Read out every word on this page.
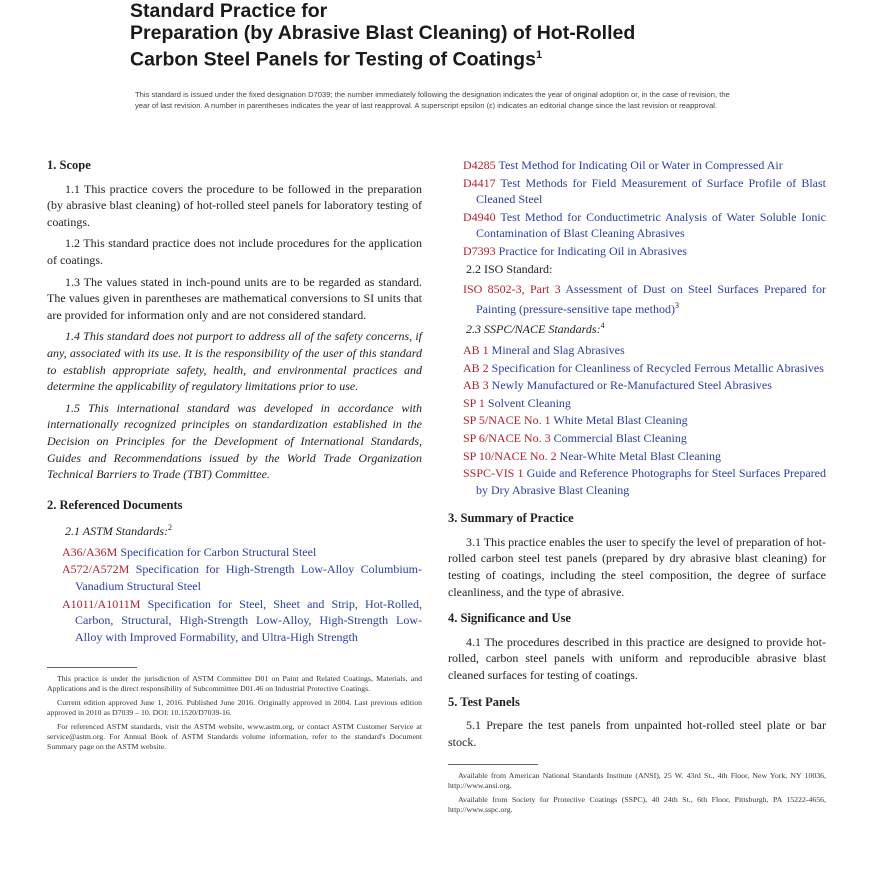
Standard Practice for
Preparation (by Abrasive Blast Cleaning) of Hot-Rolled
Carbon Steel Panels for Testing of Coatings$^1$
This standard is issued under the fixed designation D7039; the number immediately following the designation indicates the year of original adoption or, in the case of revision, the year of last revision. A number in parentheses indicates the year of last reapproval. A superscript epsilon (ε) indicates an editorial change since the last revision or reapproval.
1. Scope

1.1 This practice covers the procedure to be followed in the preparation (by abrasive blast cleaning) of hot-rolled steel panels for laboratory testing of coatings.

1.2 This standard practice does not include procedures for the application of coatings.

1.3 The values stated in inch-pound units are to be regarded as standard. The values given in parentheses are mathematical conversions to SI units that are provided for information only and are not considered standard.

1.4 This standard does not purport to address all of the safety concerns, if any, associated with its use. It is the responsibility of the user of this standard to establish appropriate safety, health, and environmental practices and determine the applicability of regulatory limitations prior to use.

1.5 This international standard was developed in accordance with internationally recognized principles on standardization established in the Decision on Principles for the Development of International Standards, Guides and Recommendations issued by the World Trade Organization Technical Barriers to Trade (TBT) Committee.

2. Referenced Documents
2.1 ASTM Standards:$^2$
A36/A36M Specification for Carbon Structural Steel
A572/A572M Specification for High-Strength Low-Alloy Columbium-Vanadium Structural Steel
A1011/A1011M Specification for Steel, Sheet and Strip, Hot-Rolled, Carbon, Structural, High-Strength Low-Alloy, High-Strength Low-Alloy with Improved Formability, and Ultra-High Strength
This practice is under the jurisdiction of ASTM Committee D01 on Paint and Related Coatings, Materials, and Applications and is the direct responsibility of Subcommittee D01.46 on Industrial Protective Coatings.
Current edition approved June 1, 2016. Published June 2016. Originally approved in 2004. Last previous edition approved in 2010 as D7039 – 10. DOI: 10.1520/D7039-16.
For referenced ASTM standards, visit the ASTM website, www.astm.org, or contact ASTM Customer Service at service@astm.org. For Annual Book of ASTM Standards volume information, refer to the standard's Document Summary page on the ASTM website.
D4285 Test Method for Indicating Oil or Water in Compressed Air
D4417 Test Methods for Field Measurement of Surface Profile of Blast Cleaned Steel
D4940 Test Method for Conductimetric Analysis of Water Soluble Ionic Contamination of Blast Cleaning Abrasives
D7393 Practice for Indicating Oil in Abrasives
2.2 ISO Standard:
ISO 8502-3, Part 3 Assessment of Dust on Steel Surfaces Prepared for Painting (pressure-sensitive tape method)$^3$
2.3 SSPC/NACE Standards:$^4$
AB 1 Mineral and Slag Abrasives
AB 2 Specification for Cleanliness of Recycled Ferrous Metallic Abrasives
AB 3 Newly Manufactured or Re-Manufactured Steel Abrasives
SP 1 Solvent Cleaning
SP 5/NACE No. 1 White Metal Blast Cleaning
SP 6/NACE No. 3 Commercial Blast Cleaning
SP 10/NACE No. 2 Near-White Metal Blast Cleaning
SSPC-VIS 1 Guide and Reference Photographs for Steel Surfaces Prepared by Dry Abrasive Blast Cleaning
3. Summary of Practice

3.1 This practice enables the user to specify the level of preparation of hot-rolled carbon steel test panels (prepared by dry abrasive blast cleaning) for testing of coatings, including the steel composition, the degree of surface cleanliness, and the type of abrasive.

4. Significance and Use

4.1 The procedures described in this practice are designed to provide hot-rolled, carbon steel panels with uniform and reproducible abrasive blast cleaned surfaces for testing of coatings.

5. Test Panels

5.1 Prepare the test panels from unpainted hot-rolled steel plate or bar stock.

Available from American National Standards Institute (ANSI), 25 W. 43rd St., 4th Floor, New York, NY 10036, http://www.ansi.org.
Available from Society for Protective Coatings (SSPC), 40 24th St., 6th Floor, Pittsburgh, PA 15222-4656, http://www.sspc.org.
